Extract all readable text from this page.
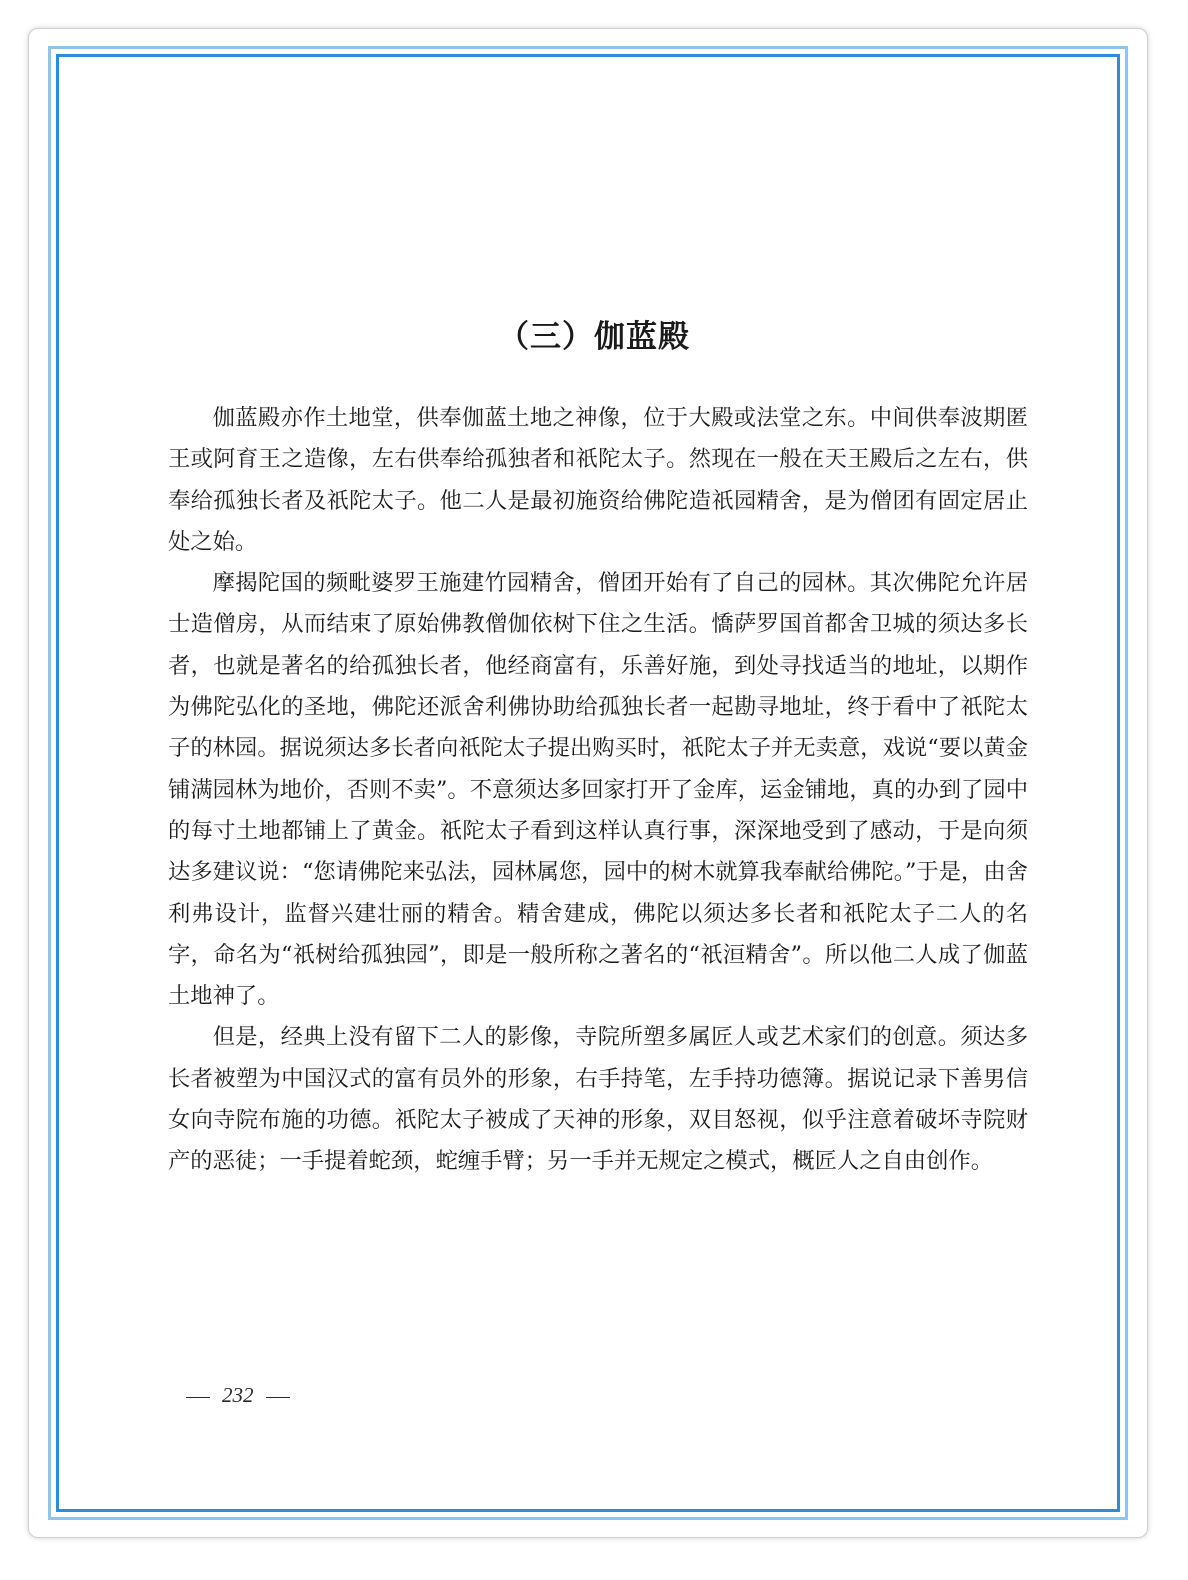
（三）伽蓝殿

伽蓝殿亦作土地堂，供奉伽蓝土地之神像，位于大殿或法堂之东。中间供奉波期匿王或阿育王之造像，左右供奉给孤独者和祇陀太子。然现在一般在天王殿后之左右，供奉给孤独长者及祇陀太子。他二人是最初施资给佛陀造祇园精舍，是为僧团有固定居止处之始。

摩揭陀国的频毗婆罗王施建竹园精舍，僧团开始有了自己的园林。其次佛陀允许居士造僧房，从而结束了原始佛教僧伽依树下住之生活。憍萨罗国首都舍卫城的须达多长者，也就是著名的给孤独长者，他经商富有，乐善好施，到处寻找适当的地址，以期作为佛陀弘化的圣地，佛陀还派舍利佛协助给孤独长者一起勘寻地址，终于看中了祇陀太子的林园。据说须达多长者向祇陀太子提出购买时，祇陀太子并无卖意，戏说“要以黄金铺满园林为地价，否则不卖”。不意须达多回家打开了金库，运金铺地，真的办到了园中的每寸土地都铺上了黄金。祇陀太子看到这样认真行事，深深地受到了感动，于是向须达多建议说：“您请佛陀来弘法，园林属您，园中的树木就算我奉献给佛陀。”于是，由舍利弗设计，监督兴建壮丽的精舍。精舍建成，佛陀以须达多长者和祇陀太子二人的名字，命名为“祇树给孤独园”，即是一般所称之著名的“祇洹精舍”。所以他二人成了伽蓝土地神了。

但是，经典上没有留下二人的影像，寺院所塑多属匠人或艺术家们的创意。须达多长者被塑为中国汉式的富有员外的形象，右手持笔，左手持功德簿。据说记录下善男信女向寺院布施的功德。祇陀太子被成了天神的形象，双目怒视，似乎注意着破坏寺院财产的恶徒；一手提着蛇颈，蛇缠手臂；另一手并无规定之模式，概匠人之自由创作。

232
